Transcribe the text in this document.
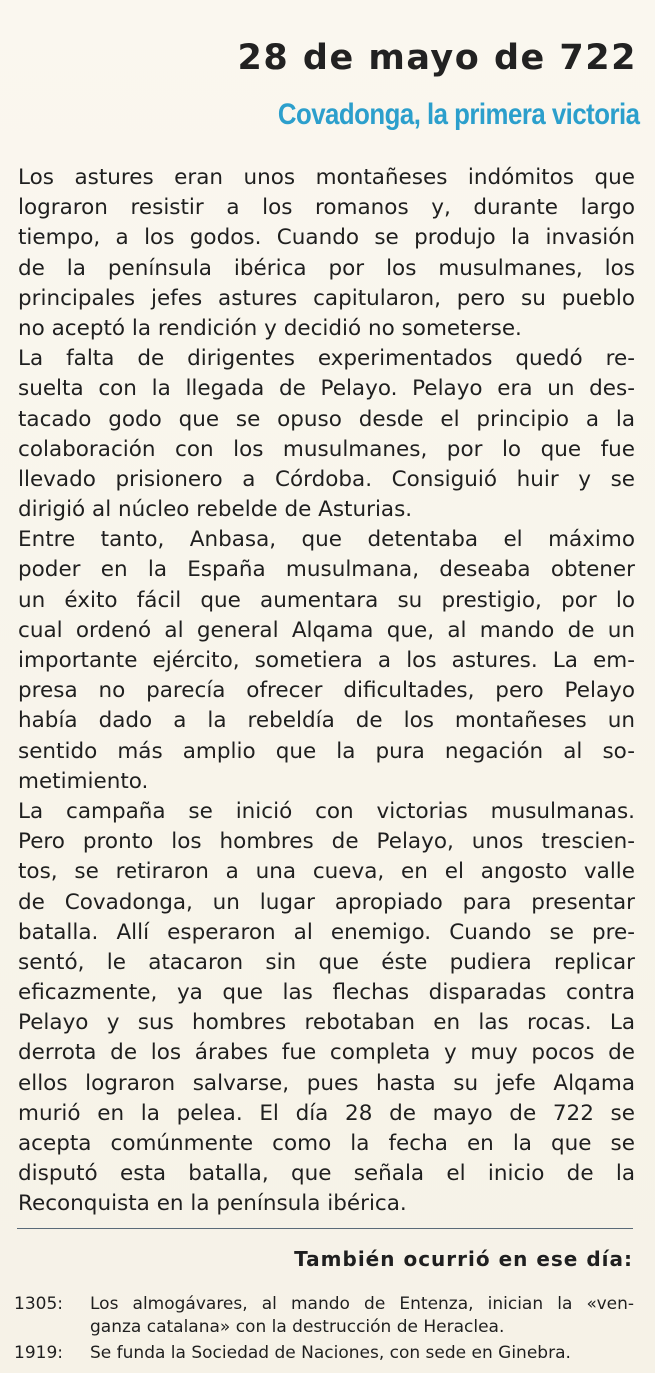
28 de mayo de 722
Covadonga, la primera victoria
Los astures eran unos montañeses indómitos que
lograron resistir a los romanos y, durante largo
tiempo, a los godos. Cuando se produjo la invasión
de la península ibérica por los musulmanes, los
principales jefes astures capitularon, pero su pueblo
no aceptó la rendición y decidió no someterse.
La falta de dirigentes experimentados quedó re-
suelta con la llegada de Pelayo. Pelayo era un des-
tacado godo que se opuso desde el principio a la
colaboración con los musulmanes, por lo que fue
llevado prisionero a Córdoba. Consiguió huir y se
dirigió al núcleo rebelde de Asturias.
Entre tanto, Anbasa, que detentaba el máximo
poder en la España musulmana, deseaba obtener
un éxito fácil que aumentara su prestigio, por lo
cual ordenó al general Alqama que, al mando de un
importante ejército, sometiera a los astures. La em-
presa no parecía ofrecer dificultades, pero Pelayo
había dado a la rebeldía de los montañeses un
sentido más amplio que la pura negación al so-
metimiento.
La campaña se inició con victorias musulmanas.
Pero pronto los hombres de Pelayo, unos trescien-
tos, se retiraron a una cueva, en el angosto valle
de Covadonga, un lugar apropiado para presentar
batalla. Allí esperaron al enemigo. Cuando se pre-
sentó, le atacaron sin que éste pudiera replicar
eficazmente, ya que las flechas disparadas contra
Pelayo y sus hombres rebotaban en las rocas. La
derrota de los árabes fue completa y muy pocos de
ellos lograron salvarse, pues hasta su jefe Alqama
murió en la pelea. El día 28 de mayo de 722 se
acepta comúnmente como la fecha en la que se
disputó esta batalla, que señala el inicio de la
Reconquista en la península ibérica.
También ocurrió en ese día:
1305:	Los almogávares, al mando de Entenza, inician la «ven-
ganza catalana» con la destrucción de Heraclea.
1919:	Se funda la Sociedad de Naciones, con sede en Ginebra.
